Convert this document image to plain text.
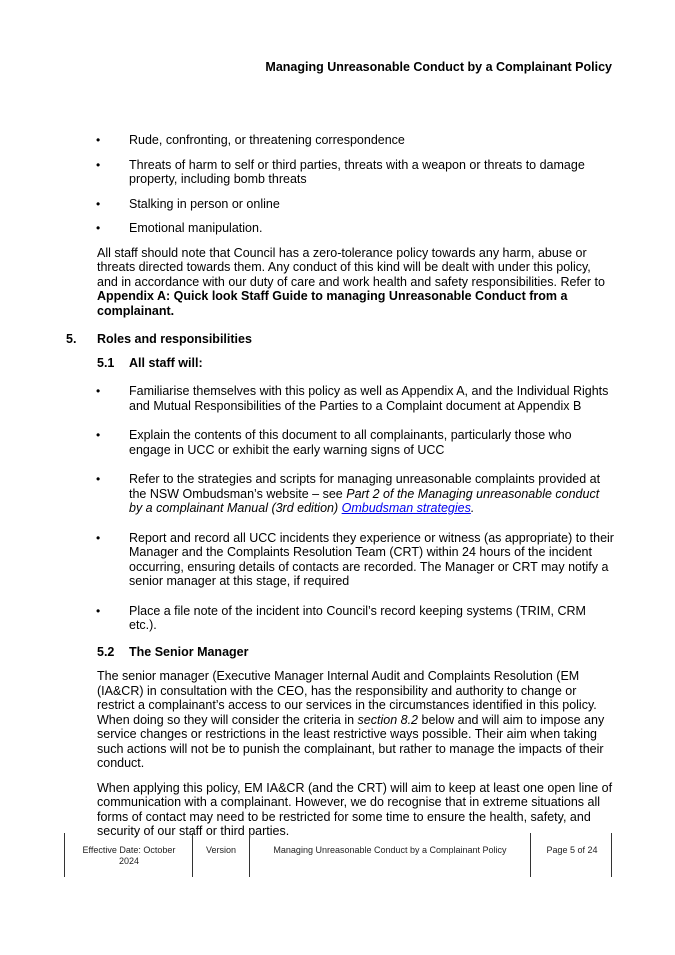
Managing Unreasonable Conduct by a Complainant Policy
• Rude, confronting, or threatening correspondence
• Threats of harm to self or third parties, threats with a weapon or threats to damage property, including bomb threats
• Stalking in person or online
• Emotional manipulation.

All staff should note that Council has a zero-tolerance policy towards any harm, abuse or threats directed towards them. Any conduct of this kind will be dealt with under this policy, and in accordance with our duty of care and work health and safety responsibilities. Refer to Appendix A: Quick look Staff Guide to managing Unreasonable Conduct from a complainant.

5. Roles and responsibilities
5.1 All staff will:
• Familiarise themselves with this policy as well as Appendix A, and the Individual Rights and Mutual Responsibilities of the Parties to a Complaint document at Appendix B
• Explain the contents of this document to all complainants, particularly those who engage in UCC or exhibit the early warning signs of UCC
• Refer to the strategies and scripts for managing unreasonable complaints provided at the NSW Ombudsman’s website – see Part 2 of the Managing unreasonable conduct by a complainant Manual (3rd edition) Ombudsman strategies.
• Report and record all UCC incidents they experience or witness (as appropriate) to their Manager and the Complaints Resolution Team (CRT) within 24 hours of the incident occurring, ensuring details of contacts are recorded. The Manager or CRT may notify a senior manager at this stage, if required
• Place a file note of the incident into Council’s record keeping systems (TRIM, CRM etc.).
5.2 The Senior Manager

The senior manager (Executive Manager Internal Audit and Complaints Resolution (EM (IA&CR) in consultation with the CEO, has the responsibility and authority to change or restrict a complainant’s access to our services in the circumstances identified in this policy. When doing so they will consider the criteria in section 8.2 below and will aim to impose any service changes or restrictions in the least restrictive ways possible. Their aim when taking such actions will not be to punish the complainant, but rather to manage the impacts of their conduct.

When applying this policy, EM IA&CR (and the CRT) will aim to keep at least one open line of communication with a complainant. However, we do recognise that in extreme situations all forms of contact may need to be restricted for some time to ensure the health, safety, and security of our staff or third parties.

Effective Date: October 2024
Version	Managing Unreasonable Conduct by a Complainant Policy	Page 5 of 24
